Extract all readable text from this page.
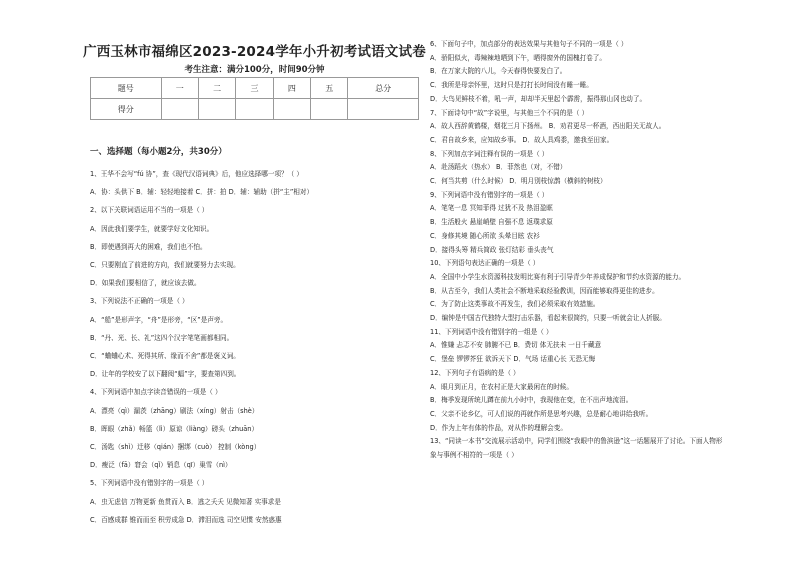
广西玉林市福绵区2023-2024学年小升初考试语文试卷
考生注意：满分100分，时间90分钟
题号	一	二	三	四	五	总分
得分						
一、选择题（每小题2分，共30分）
1、王华不会写“fú 协”，查《现代汉语词典》后，他应选择哪一项？（ ）
A．协：头供下 B．辅：轻轻地接着 C．拼：拍 D．辅：辅助（拼“主”相对）
2、以下关联词语运用不当的一项是（ ）
A．因此我们要学生，就要学好文化知识。
B．即使遇到再大的困难，我们也不怕。
C．只要刚直了前进的方向，我们就要努力去实现。
D．如果我们要相信了，就应该去做。
3、下列说法不正确的一项是（ ）
A．“船”是形声字，“舟”是形旁，“区”是声旁。
B．“丹、光、长、礼”这四个汉字笔笔画都相同。
C．“蛐蛐心术、死得其所、缘而不舍”都是褒义词。
D．让年的学校安了以下翻阅“蝠”字，要查第四到。
4、下列词语中加点字读音错误的一项是（ ）
A．漂亮（qì）漏茨（zhāng）刷法（xíng）射击（shè）
B．晖眼（zhǎ）畅篮（lì）原谅（liàng）磅头（zhuān）
C．汤匙（shì）迁移（qián）捆绑（cuò） 控制（kòng）
D．瘦泛（fā）窘会（qǐ）销息（qī）巢雪（nì）
5、下列词语中没有错别字的一项是（ ）
A．虫无虑信 万物更新 鱼贯而入 B．逃之夭夭 见微知著 实事求是
C．百感成群 锥而而至 积劳成急 D．滞泪而选 司空见惯 安然惑惠
6、下面句子中，加点部分的表达效果与其他句子不同的一项是（ ）
A．骄阳似火，毒辣辣地晒到下午，晒得窗外的国槐打卷了。
B．在万家大院的八儿，今天春得快要发白了。
C．我所是母亲怀里，这时只是打打长时间没有睡一睡。
D．大鸟见鲜枝不着，吼一声，却却半天里起个霹雳，振得那山冈也动了。
7、下面诗句中“故”字说里，与其他三个不同的是（ ）
A．故人西辞黄鹤楼，烟花三月下扬州。 B．劝君更尽一杯酒，西出阳关无故人。
C．君自故乡来，应知故乡事。 D．故人具鸡黍，邀我至田家。
8、下列加点字词注释有误的一项是（ ）
A．赴汤蹈火（热水） B．菲然也（对，不错）
C．何当共剪（什么时候） D．明月别枝惊鹊（横斜的树枝）
9、下列词语中没有错别字的一项是（ ）
A．笔笔一息 冥知菲得 过犹不及 热泪盈眶
B．生活般火 悬崖峭壁 自强不息 返璞求原
C．身修其境 随心所欲 头晕目眩 农衫
D．接得头筹 精兵简政 张灯结彩 垂头丧气
10、下列语句表达正确的一项是（ ）
A．全国中小学生水资源科技发明比赛有利于引导青少年养成保护和节约水资源的能力。
B．从古至今，我们人类社会不断地采取经验教训，因而能够取得更佳的进步。
C．为了防止这类事故不再发生，我们必须采取有效措施。
D．编钟是中国古代独特大型打击乐器，看起来很简约，只要一听就会让人折服。
11、下列词语中没有错别字的一组是（ ）
A．惟嫌 忐忑不安 肺腑不已 B．费切 体无扶未 一日千藏意
C．堡垒 锣锣芥狂 欲诉天下 D．气场 话重心长 无恐无悔
12、下列句子有语病的是（ ）
A．眼月到正月，在农村正是大家最闲在的时候。
B．梅季发现所统儿蹲在前九小时中，我现他在变，在不出声地流泪。
C．父亲不论乡亿，可人们说的再就作所是思考兴趣，总是耐心地讲给我听。
D．作为上年有体的作品，对从作的理解会变。
13、“同读一本书”交流展示活动中，同学们围绕“我眼中的鲁滨逊”这一话题展开了讨论。下面人物形
象与事例不相符的一项是（ ）
